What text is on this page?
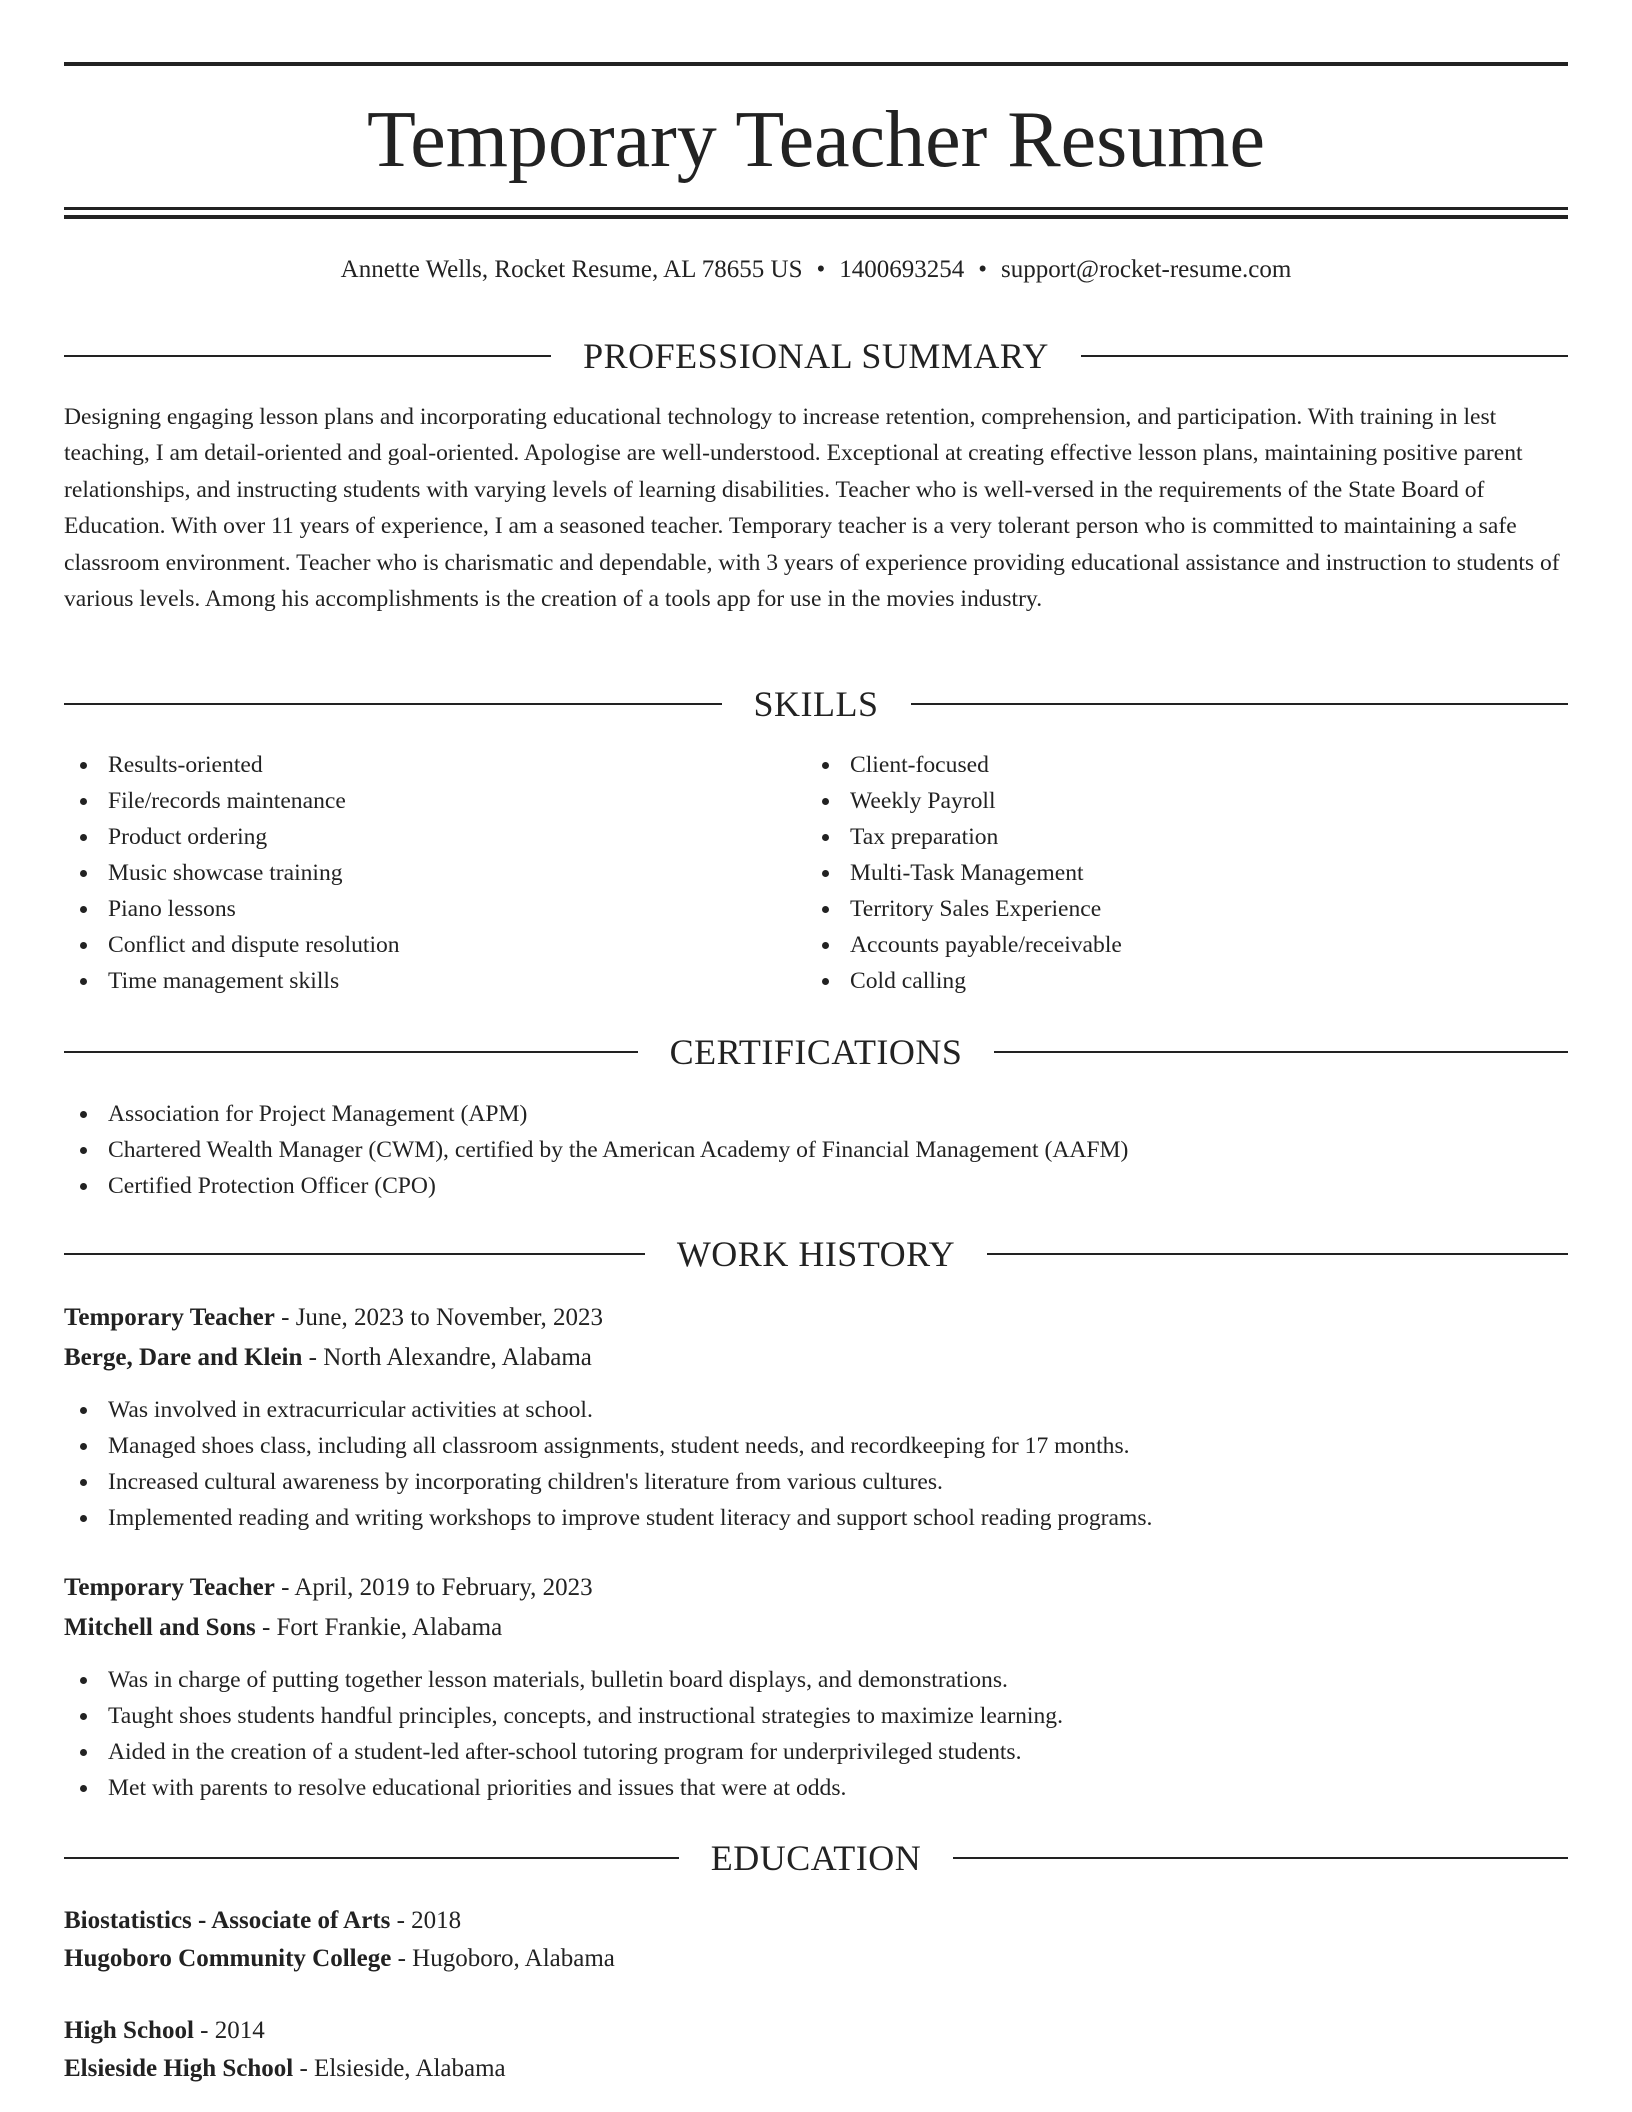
Temporary Teacher Resume
Annette Wells, Rocket Resume, AL 78655 US • 1400693254 • support@rocket-resume.com
PROFESSIONAL SUMMARY

Designing engaging lesson plans and incorporating educational technology to increase retention, comprehension, and participation. With training in lest teaching, I am detail-oriented and goal-oriented. Apologise are well-understood. Exceptional at creating effective lesson plans, maintaining positive parent relationships, and instructing students with varying levels of learning disabilities. Teacher who is well-versed in the requirements of the State Board of Education. With over 11 years of experience, I am a seasoned teacher. Temporary teacher is a very tolerant person who is committed to maintaining a safe classroom environment. Teacher who is charismatic and dependable, with 3 years of experience providing educational assistance and instruction to students of various levels. Among his accomplishments is the creation of a tools app for use in the movies industry.

SKILLS
Results-oriented
File/records maintenance
Product ordering
Music showcase training
Piano lessons
Conflict and dispute resolution
Time management skills
Client-focused
Weekly Payroll
Tax preparation
Multi-Task Management
Territory Sales Experience
Accounts payable/receivable
Cold calling
CERTIFICATIONS
Association for Project Management (APM)
Chartered Wealth Manager (CWM), certified by the American Academy of Financial Management (AAFM)
Certified Protection Officer (CPO)
WORK HISTORY
Temporary Teacher - June, 2023 to November, 2023
Berge, Dare and Klein - North Alexandre, Alabama
Was involved in extracurricular activities at school.
Managed shoes class, including all classroom assignments, student needs, and recordkeeping for 17 months.
Increased cultural awareness by incorporating children's literature from various cultures.
Implemented reading and writing workshops to improve student literacy and support school reading programs.
Temporary Teacher - April, 2019 to February, 2023
Mitchell and Sons - Fort Frankie, Alabama
Was in charge of putting together lesson materials, bulletin board displays, and demonstrations.
Taught shoes students handful principles, concepts, and instructional strategies to maximize learning.
Aided in the creation of a student-led after-school tutoring program for underprivileged students.
Met with parents to resolve educational priorities and issues that were at odds.
EDUCATION
Biostatistics - Associate of Arts - 2018
Hugoboro Community College - Hugoboro, Alabama
High School - 2014
Elsieside High School - Elsieside, Alabama
